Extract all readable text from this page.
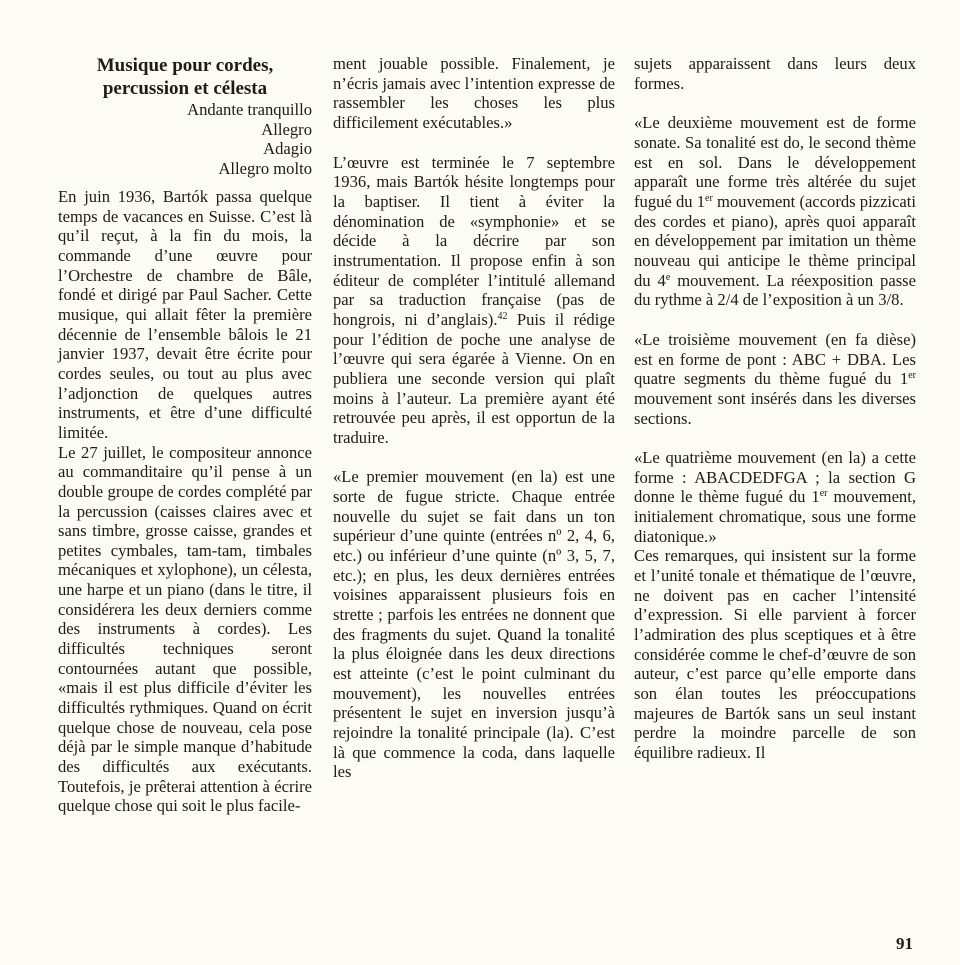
Musique pour cordes,

percussion et célesta

Andante tranquillo
Allegro
Adagio
Allegro molto

En juin 1936, Bartók passa quelque temps de vacances en Suisse. C’est là qu’il reçut, à la fin du mois, la commande d’une œuvre pour l’Orchestre de chambre de Bâle, fondé et dirigé par Paul Sacher. Cette musique, qui allait fêter la première décennie de l’ensemble bâlois le 21 janvier 1937, devait être écrite pour cordes seules, ou tout au plus avec l’adjonction de quelques autres instruments, et être d’une difficulté limitée.

Le 27 juillet, le compositeur annonce au commanditaire qu’il pense à un double groupe de cordes complété par la percussion (caisses claires avec et sans timbre, grosse caisse, grandes et petites cymbales, tam-tam, timbales mécaniques et xylophone), un célesta, une harpe et un piano (dans le titre, il considérera les deux derniers comme des instruments à cordes). Les difficultés techniques seront contournées autant que possible, «mais il est plus difficile d’éviter les difficultés rythmiques. Quand on écrit quelque chose de nouveau, cela pose déjà par le simple manque d’habitude des difficultés aux exécutants. Toutefois, je prêterai attention à écrire quelque chose qui soit le plus facile-

ment jouable possible. Finalement, je n’écris jamais avec l’intention expresse de rassembler les choses les plus difficilement exécutables.»

L’œuvre est terminée le 7 septembre 1936, mais Bartók hésite longtemps pour la baptiser. Il tient à éviter la dénomination de «symphonie» et se décide à la décrire par son instrumentation. Il propose enfin à son éditeur de compléter l’intitulé allemand par sa traduction française (pas de hongrois, ni d’anglais).$^{42}$ Puis il rédige pour l’édition de poche une analyse de l’œuvre qui sera égarée à Vienne. On en publiera une seconde version qui plaît moins à l’auteur. La première ayant été retrouvée peu après, il est opportun de la traduire.

«Le premier mouvement (en la) est une sorte de fugue stricte. Chaque entrée nouvelle du sujet se fait dans un ton supérieur d’une quinte (entrées nº 2, 4, 6, etc.) ou inférieur d’une quinte (nº 3, 5, 7, etc.); en plus, les deux dernières entrées voisines apparaissent plusieurs fois en strette ; parfois les entrées ne donnent que des fragments du sujet. Quand la tonalité la plus éloignée dans les deux directions est atteinte (c’est le point culminant du mouvement), les nouvelles entrées présentent le sujet en inversion jusqu’à rejoindre la tonalité principale (la). C’est là que commence la coda, dans laquelle les

sujets apparaissent dans leurs deux formes.

«Le deuxième mouvement est de forme sonate. Sa tonalité est do, le second thème est en sol. Dans le développement apparaît une forme très altérée du sujet fugué du 1er mouvement (accords pizzicati des cordes et piano), après quoi apparaît en développement par imitation un thème nouveau qui anticipe le thème principal du 4e mouvement. La réexposition passe du rythme à 2/4 de l’exposition à un 3/8.

«Le troisième mouvement (en fa dièse) est en forme de pont : ABC + DBA. Les quatre segments du thème fugué du 1er mouvement sont insérés dans les diverses sections.

«Le quatrième mouvement (en la) a cette forme : ABACDEDFGA ; la section G donne le thème fugué du 1er mouvement, initialement chromatique, sous une forme diatonique.»

Ces remarques, qui insistent sur la forme et l’unité tonale et thématique de l’œuvre, ne doivent pas en cacher l’intensité d’expression. Si elle parvient à forcer l’admiration des plus sceptiques et à être considérée comme le chef-d’œuvre de son auteur, c’est parce qu’elle emporte dans son élan toutes les préoccupations majeures de Bartók sans un seul instant perdre la moindre parcelle de son équilibre radieux. Il

91
